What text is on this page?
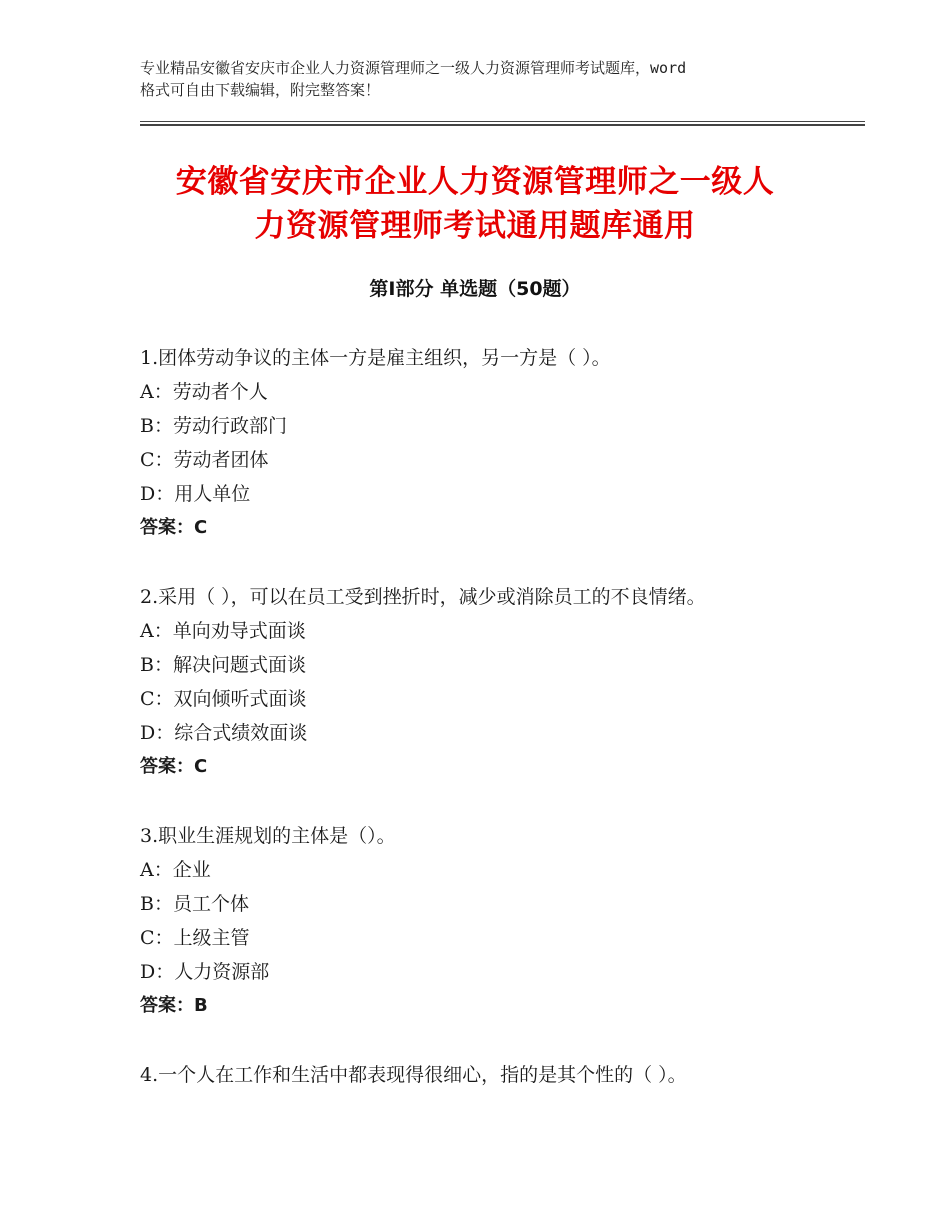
专业精品安徽省安庆市企业人力资源管理师之一级人力资源管理师考试题库，word
格式可自由下载编辑，附完整答案！
安徽省安庆市企业人力资源管理师之一级人
力资源管理师考试通用题库通用
第Ⅰ部分 单选题（50题）
1.团体劳动争议的主体一方是雇主组织，另一方是（ ）。
A：劳动者个人
B：劳动行政部门
C：劳动者团体
D：用人单位
答案：C
2.采用（ ），可以在员工受到挫折时，减少或消除员工的不良情绪。
A：单向劝导式面谈
B：解决问题式面谈
C：双向倾听式面谈
D：综合式绩效面谈
答案：C
3.职业生涯规划的主体是（）。
A：企业
B：员工个体
C：上级主管
D：人力资源部
答案：B
4.一个人在工作和生活中都表现得很细心，指的是其个性的（ ）。
